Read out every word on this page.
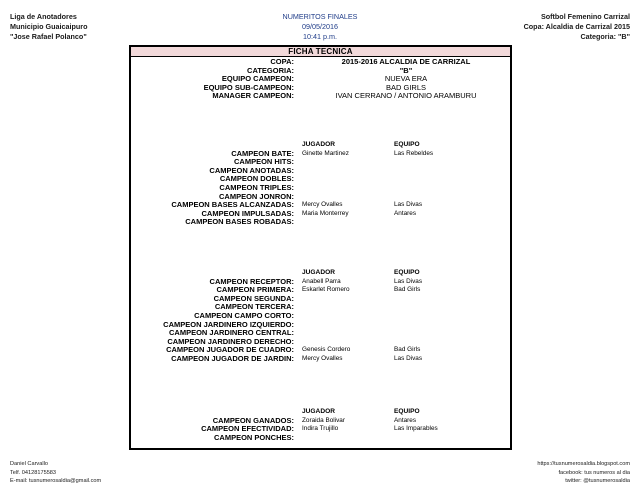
Liga de Anotadores
Municipio Guaicaipuro
"Jose Rafael Polanco"
NUMERITOS FINALES
09/05/2016
10:41 p.m.
Softbol Femenino Carrizal
Copa: Alcaldia de Carrizal 2015
Categoria: "B"
FICHA TECNICA
COPA:	2015-2016 ALCALDIA DE CARRIZAL
CATEGORIA:	"B"
EQUIPO CAMPEON:	NUEVA ERA
EQUIPO SUB-CAMPEON:	BAD GIRLS
MANAGER CAMPEON:	IVAN CERRANO / ANTONIO ARAMBURU
JUGADOR	EQUIPO
CAMPEON BATE: Ginette Martinez	Las Rebeldes
CAMPEON HITS:
CAMPEON ANOTADAS:
CAMPEON DOBLES:
CAMPEON TRIPLES:
CAMPEON JONRON:
CAMPEON BASES ALCANZADAS: Mercy Ovalles	Las Divas
CAMPEON IMPULSADAS: Maria Monterrey	Antares
CAMPEON BASES ROBADAS:
JUGADOR	EQUIPO
CAMPEON RECEPTOR: Anabell Parra	Las Divas
CAMPEON PRIMERA: Eskarlet Romero	Bad Girls
CAMPEON SEGUNDA:
CAMPEON TERCERA:
CAMPEON CAMPO CORTO:
CAMPEON JARDINERO IZQUIERDO:
CAMPEON JARDINERO CENTRAL:
CAMPEON JARDINERO DERECHO:
CAMPEON JUGADOR DE CUADRO: Genesis Cordero	Bad Girls
CAMPEON JUGADOR DE JARDIN: Mercy Ovalles	Las Divas
JUGADOR	EQUIPO
CAMPEON GANADOS: Zoraida Bolivar	Antares
CAMPEON EFECTIVIDAD: Indira Trujillo	Las Imparables
CAMPEON PONCHES:
Daniel Carvallo
Telf. 04128175583
E-mail: tusnumerosaldia@gmail.com
https://tusnumerosaldia.blogspot.com
facebook: tus numeros al dia
twitter: @tusnumerosaldia
